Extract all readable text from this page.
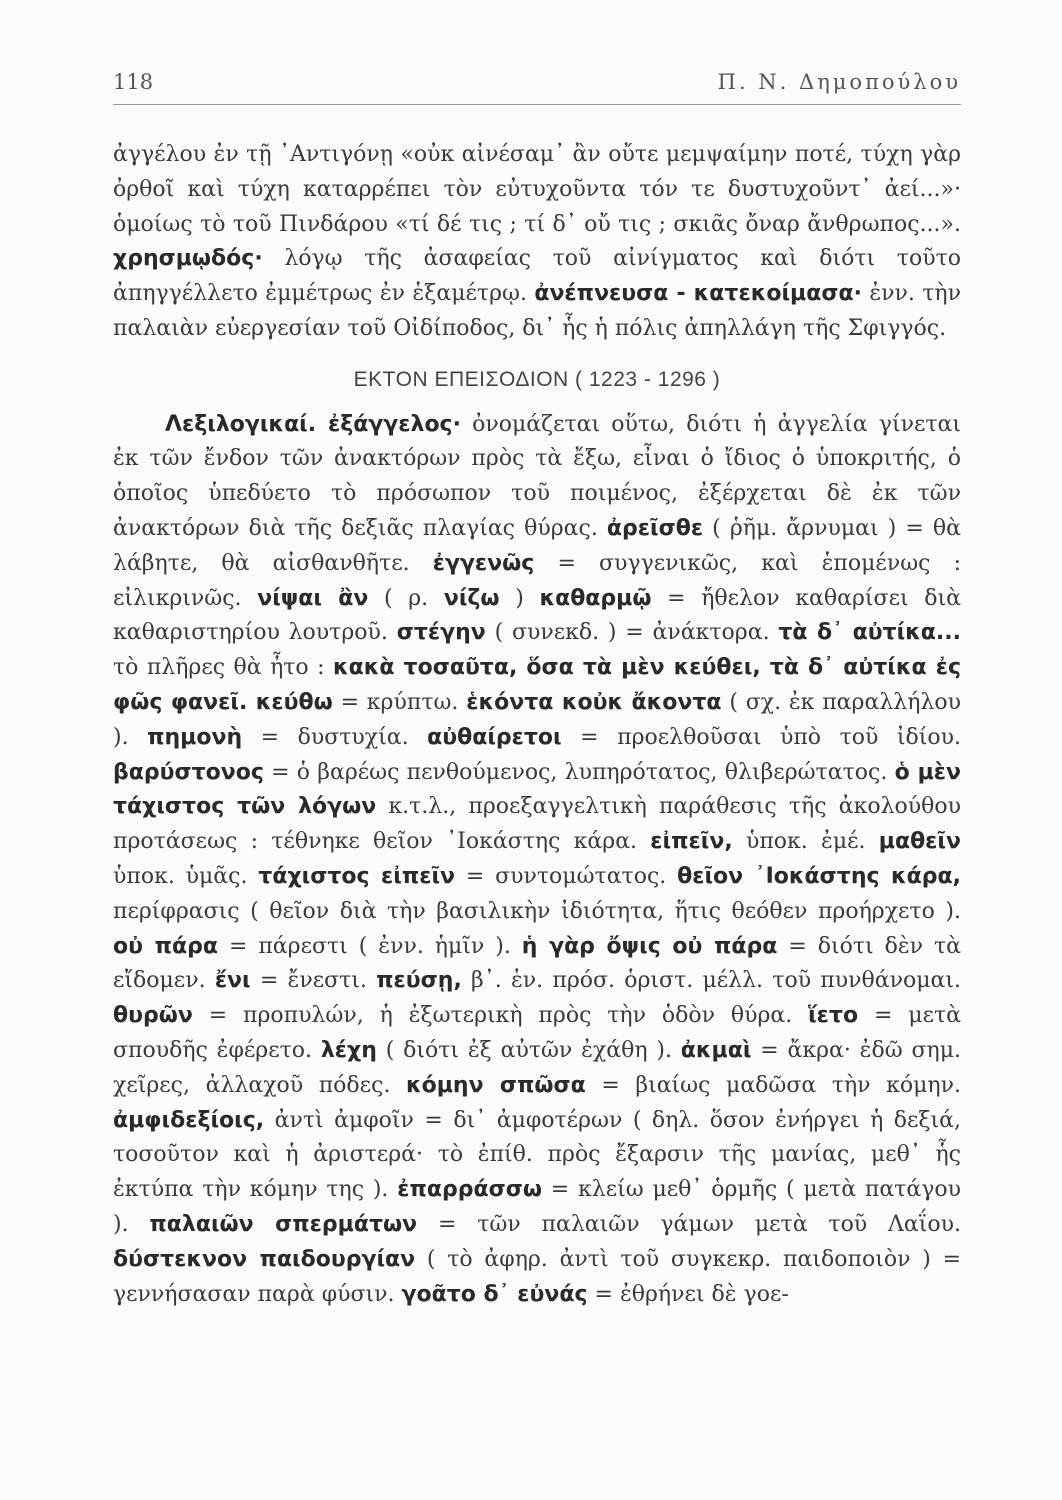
118	Π. Ν. Δημοπούλου

ἀγγέλου ἐν τῇ ᾿Αντιγόνῃ «οὐκ αἰνέσαμ᾿ ἂν οὔτε μεμψαίμην ποτέ, τύχη γὰρ ὀρθοῖ καὶ τύχη καταρρέπει τὸν εὐτυχοῦντα τόν τε δυστυχοῦντ᾿ ἀεί...»· ὁμοίως τὸ τοῦ Πινδάρου «τί δέ τις ; τί δ᾿ οὔ τις ; σκιᾶς ὄναρ ἄνθρωπος...». χρησμῳδός· λόγῳ τῆς ἀσαφείας τοῦ αἰνίγματος καὶ διότι τοῦτο ἀπηγγέλλετο ἐμμέτρως ἐν ἑξαμέτρῳ. ἀνέπνευσα - κατεκοίμασα· ἐνν. τὴν παλαιὰν εὐεργεσίαν τοῦ Οἰδίποδος, δι᾿ ἧς ἡ πόλις ἀπηλλάγη τῆς Σφιγγός.

ΕΚΤΟΝ ΕΠΕΙΣΟΔΙΟΝ ( 1223 - 1296 )

Λεξιλογικαί. ἐξάγγελος· ὀνομάζεται οὕτω, διότι ἡ ἀγγελία γίνεται ἐκ τῶν ἔνδον τῶν ἀνακτόρων πρὸς τὰ ἔξω, εἶναι ὁ ἴδιος ὁ ὑποκριτής, ὁ ὁποῖος ὑπεδύετο τὸ πρόσωπον τοῦ ποιμένος, ἐξέρχεται δὲ ἐκ τῶν ἀνακτόρων διὰ τῆς δεξιᾶς πλαγίας θύρας. ἀρεῖσθε ( ῥῆμ. ἄρνυμαι ) = θὰ λάβητε, θὰ αἰσθανθῆτε. ἐγγενῶς = συγγενικῶς, καὶ ἑπομένως : εἰλικρινῶς. νίψαι ἂν ( ρ. νίζω ) καθαρμῷ = ἤθελον καθαρίσει διὰ καθαριστηρίου λουτροῦ. στέγην ( συνεκδ. ) = ἀνάκτορα. τὰ δ᾿ αὐτίκα... τὸ πλῆρες θὰ ἦτο : κακὰ τοσαῦτα, ὅσα τὰ μὲν κεύθει, τὰ δ᾿ αὐτίκα ἐς φῶς φανεῖ. κεύθω = κρύπτω. ἑκόντα κοὐκ ἄκοντα ( σχ. ἐκ παραλλήλου ). πημονὴ = δυστυχία. αὐθαίρετοι = προελθοῦσαι ὑπὸ τοῦ ἰδίου. βαρύστονος = ὁ βαρέως πενθούμενος, λυπηρότατος, θλιβερώτατος. ὁ μὲν τάχιστος τῶν λόγων κ.τ.λ., προεξαγγελτικὴ παράθεσις τῆς ἀκολούθου προτάσεως : τέθνηκε θεῖον ᾿Ιοκάστης κάρα. εἰπεῖν, ὑποκ. ἐμέ. μαθεῖν ὑποκ. ὑμᾶς. τάχιστος εἰπεῖν = συντομώτατος. θεῖον ᾿Ιοκάστης κάρα, περίφρασις ( θεῖον διὰ τὴν βασιλικὴν ἰδιότητα, ἥτις θεόθεν προήρχετο ). οὐ πάρα = πάρεστι ( ἐνν. ἡμῖν ). ἡ γὰρ ὄψις οὐ πάρα = διότι δὲν τὰ εἴδομεν. ἔνι = ἔνεστι. πεύσῃ, β᾿. ἑν. πρόσ. ὁριστ. μέλλ. τοῦ πυνθάνομαι. θυρῶν = προπυλών, ἡ ἐξωτερικὴ πρὸς τὴν ὁδὸν θύρα. ἵετο = μετὰ σπουδῆς ἐφέρετο. λέχη ( διότι ἐξ αὐτῶν ἐχάθη ). ἀκμαὶ = ἄκρα· ἐδῶ σημ. χεῖρες, ἀλλαχοῦ πόδες. κόμην σπῶσα = βιαίως μαδῶσα τὴν κόμην. ἀμφιδεξίοις, ἀντὶ ἀμφοῖν = δι᾿ ἀμφοτέρων ( δηλ. ὅσον ἐνήργει ἡ δεξιά, τοσοῦτον καὶ ἡ ἀριστερά· τὸ ἐπίθ. πρὸς ἔξαρσιν τῆς μανίας, μεθ᾿ ἧς ἐκτύπα τὴν κόμην της ). ἐπαρράσσω = κλείω μεθ᾿ ὁρμῆς ( μετὰ πατάγου ). παλαιῶν σπερμάτων = τῶν παλαιῶν γάμων μετὰ τοῦ Λαΐου. δύστεκνον παιδουργίαν ( τὸ ἀφηρ. ἀντὶ τοῦ συγκεκρ. παιδοποιὸν ) = γεννήσασαν παρὰ φύσιν. γοᾶτο δ᾿ εὐνάς = ἐθρήνει δὲ γοε-
